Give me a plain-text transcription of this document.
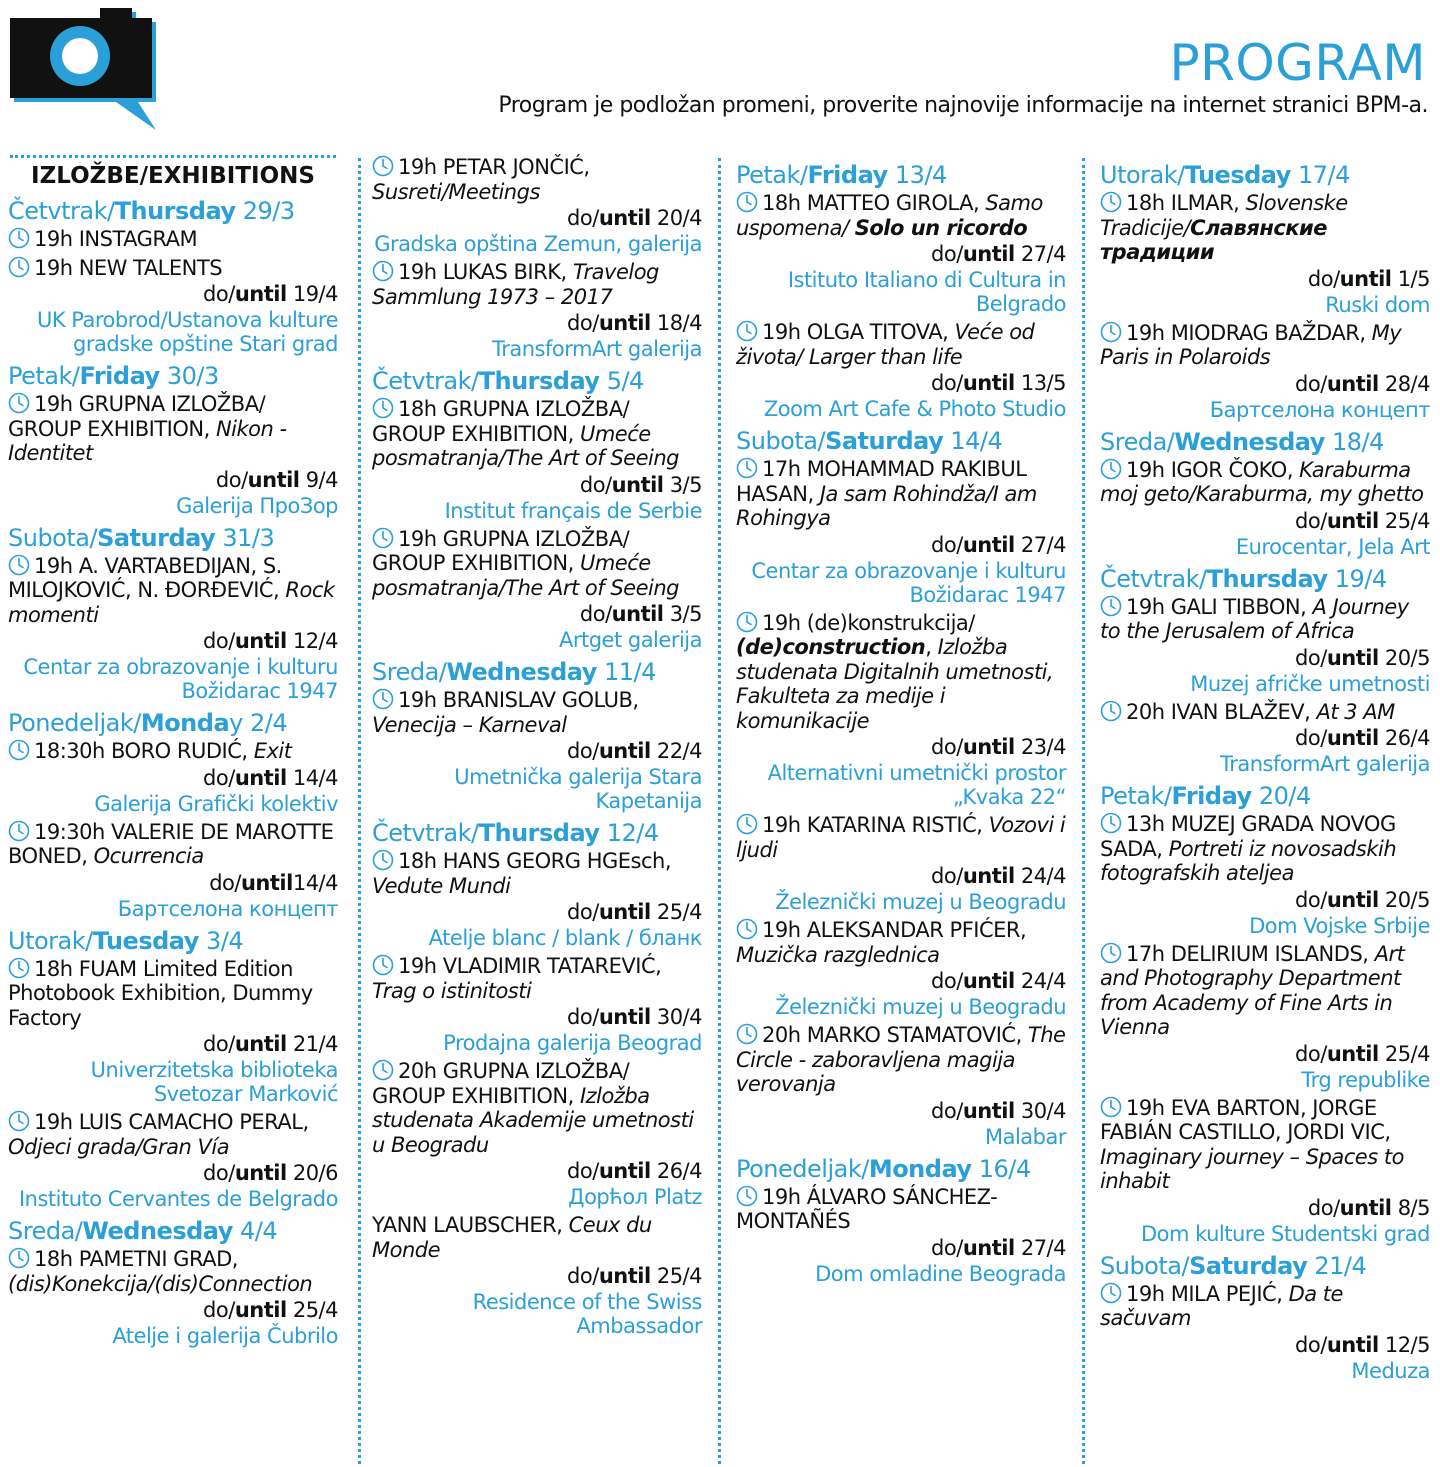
PROGRAM
Program je podložan promeni, proverite najnovije informacije na internet stranici BPM-a.
IZLOŽBE/EXHIBITIONS
Četvtrak/Thursday 29/3
19h INSTAGRAM
19h NEW TALENTS
do/until 19/4
UK Parobrod/Ustanova kulture
gradske opštine Stari grad
Petak/Friday 30/3
19h GRUPNA IZLOŽBA/ GROUP EXHIBITION, Nikon - Identitet
do/until 9/4
Galerija ПроЗор
Subota/Saturday 31/3
19h A. VARTABEDIJAN, S. MILOJKOVIĆ, N. ĐORĐEVIĆ, Rock momenti
do/until 12/4
Centar za obrazovanje i kulturu
Božidarac 1947
Ponedeljak/Monday 2/4
18:30h BORO RUDIĆ, Exit
do/until 14/4
Galerija Grafički kolektiv
19:30h VALERIE DE MAROTTE BONED, Ocurrencia
do/until14/4
Бартселона концепт
Utorak/Tuesday 3/4
18h FUAM Limited Edition Photobook Exhibition, Dummy Factory
do/until 21/4
Univerzitetska biblioteka
Svetozar Marković
19h LUIS CAMACHO PERAL, Odjeci grada/Gran Vía
do/until 20/6
Instituto Cervantes de Belgrado
Sreda/Wednesday 4/4
18h PAMETNI GRAD, (dis)Konekcija/(dis)Connection
do/until 25/4
Atelje i galerija Čubrilo
19h PETAR JONČIĆ, Susreti/Meetings
do/until 20/4
Gradska opština Zemun, galerija
19h LUKAS BIRK, Travelog Sammlung 1973 – 2017
do/until 18/4
TransformArt galerija
Četvtrak/Thursday 5/4
18h GRUPNA IZLOŽBA/ GROUP EXHIBITION, Umeće posmatranja/The Art of Seeing
do/until 3/5
Institut français de Serbie
19h GRUPNA IZLOŽBA/ GROUP EXHIBITION, Umeće posmatranja/The Art of Seeing
do/until 3/5
Artget galerija
Sreda/Wednesday 11/4
19h BRANISLAV GOLUB, Venecija – Karneval
do/until 22/4
Umetnička galerija Stara
Kapetanija
Četvtrak/Thursday 12/4
18h HANS GEORG HGEsch, Vedute Mundi
do/until 25/4
Atelje blanc / blank / бланк
19h VLADIMIR TATAREVIĆ, Trag o istinitosti
do/until 30/4
Prodajna galerija Beograd
20h GRUPNA IZLOŽBA/ GROUP EXHIBITION, Izložba studenata Akademije umetnosti u Beogradu
do/until 26/4
Дорћол Platz
YANN LAUBSCHER, Ceux du Monde
do/until 25/4
Residence of the Swiss
Ambassador
Petak/Friday 13/4
18h MATTEO GIROLA, Samo uspomena/ Solo un ricordo
do/until 27/4
Istituto Italiano di Cultura in
Belgrado
19h OLGA TITOVA, Veće od života/ Larger than life
do/until 13/5
Zoom Art Cafe & Photo Studio
Subota/Saturday 14/4
17h MOHAMMAD RAKIBUL HASAN, Ja sam Rohindža/I am Rohingya
do/until 27/4
Centar za obrazovanje i kulturu
Božidarac 1947
19h (de)konstrukcija/ (de)construction, Izložba studenata Digitalnih umetnosti, Fakulteta za medije i komunikacije
do/until 23/4
Alternativni umetnički prostor
„Kvaka 22“
19h KATARINA RISTIĆ, Vozovi i ljudi
do/until 24/4
Železnički muzej u Beogradu
19h ALEKSANDAR PFIĆER, Muzička razglednica
do/until 24/4
Železnički muzej u Beogradu
20h MARKO STAMATOVIĆ, The Circle - zaboravljena magija verovanja
do/until 30/4
Malabar
Ponedeljak/Monday 16/4
19h ÁLVARO SÁNCHEZ-MONTAÑÉS
do/until 27/4
Dom omladine Beograda
Utorak/Tuesday 17/4
18h ILMAR, Slovenske Tradicije/Славянские традиции
do/until 1/5
Ruski dom
19h MIODRAG BAŽDAR, My Paris in Polaroids
do/until 28/4
Бартселона концепт
Sreda/Wednesday 18/4
19h IGOR ČOKO, Karaburma moj geto/Karaburma, my ghetto
do/until 25/4
Eurocentar, Jela Art
Četvtrak/Thursday 19/4
19h GALI TIBBON, A Journey to the Jerusalem of Africa
do/until 20/5
Muzej afričke umetnosti
20h IVAN BLAŽEV, At 3 AM
do/until 26/4
TransformArt galerija
Petak/Friday 20/4
13h MUZEJ GRADA NOVOG SADA, Portreti iz novosadskih fotografskih ateljea
do/until 20/5
Dom Vojske Srbije
17h DELIRIUM ISLANDS, Art and Photography Department from Academy of Fine Arts in Vienna
do/until 25/4
Trg republike
19h EVA BARTON, JORGE FABIÁN CASTILLO, JORDI VIC, Imaginary journey – Spaces to inhabit
do/until 8/5
Dom kulture Studentski grad
Subota/Saturday 21/4
19h MILA PEJIĆ, Da te sačuvam
do/until 12/5
Meduza
